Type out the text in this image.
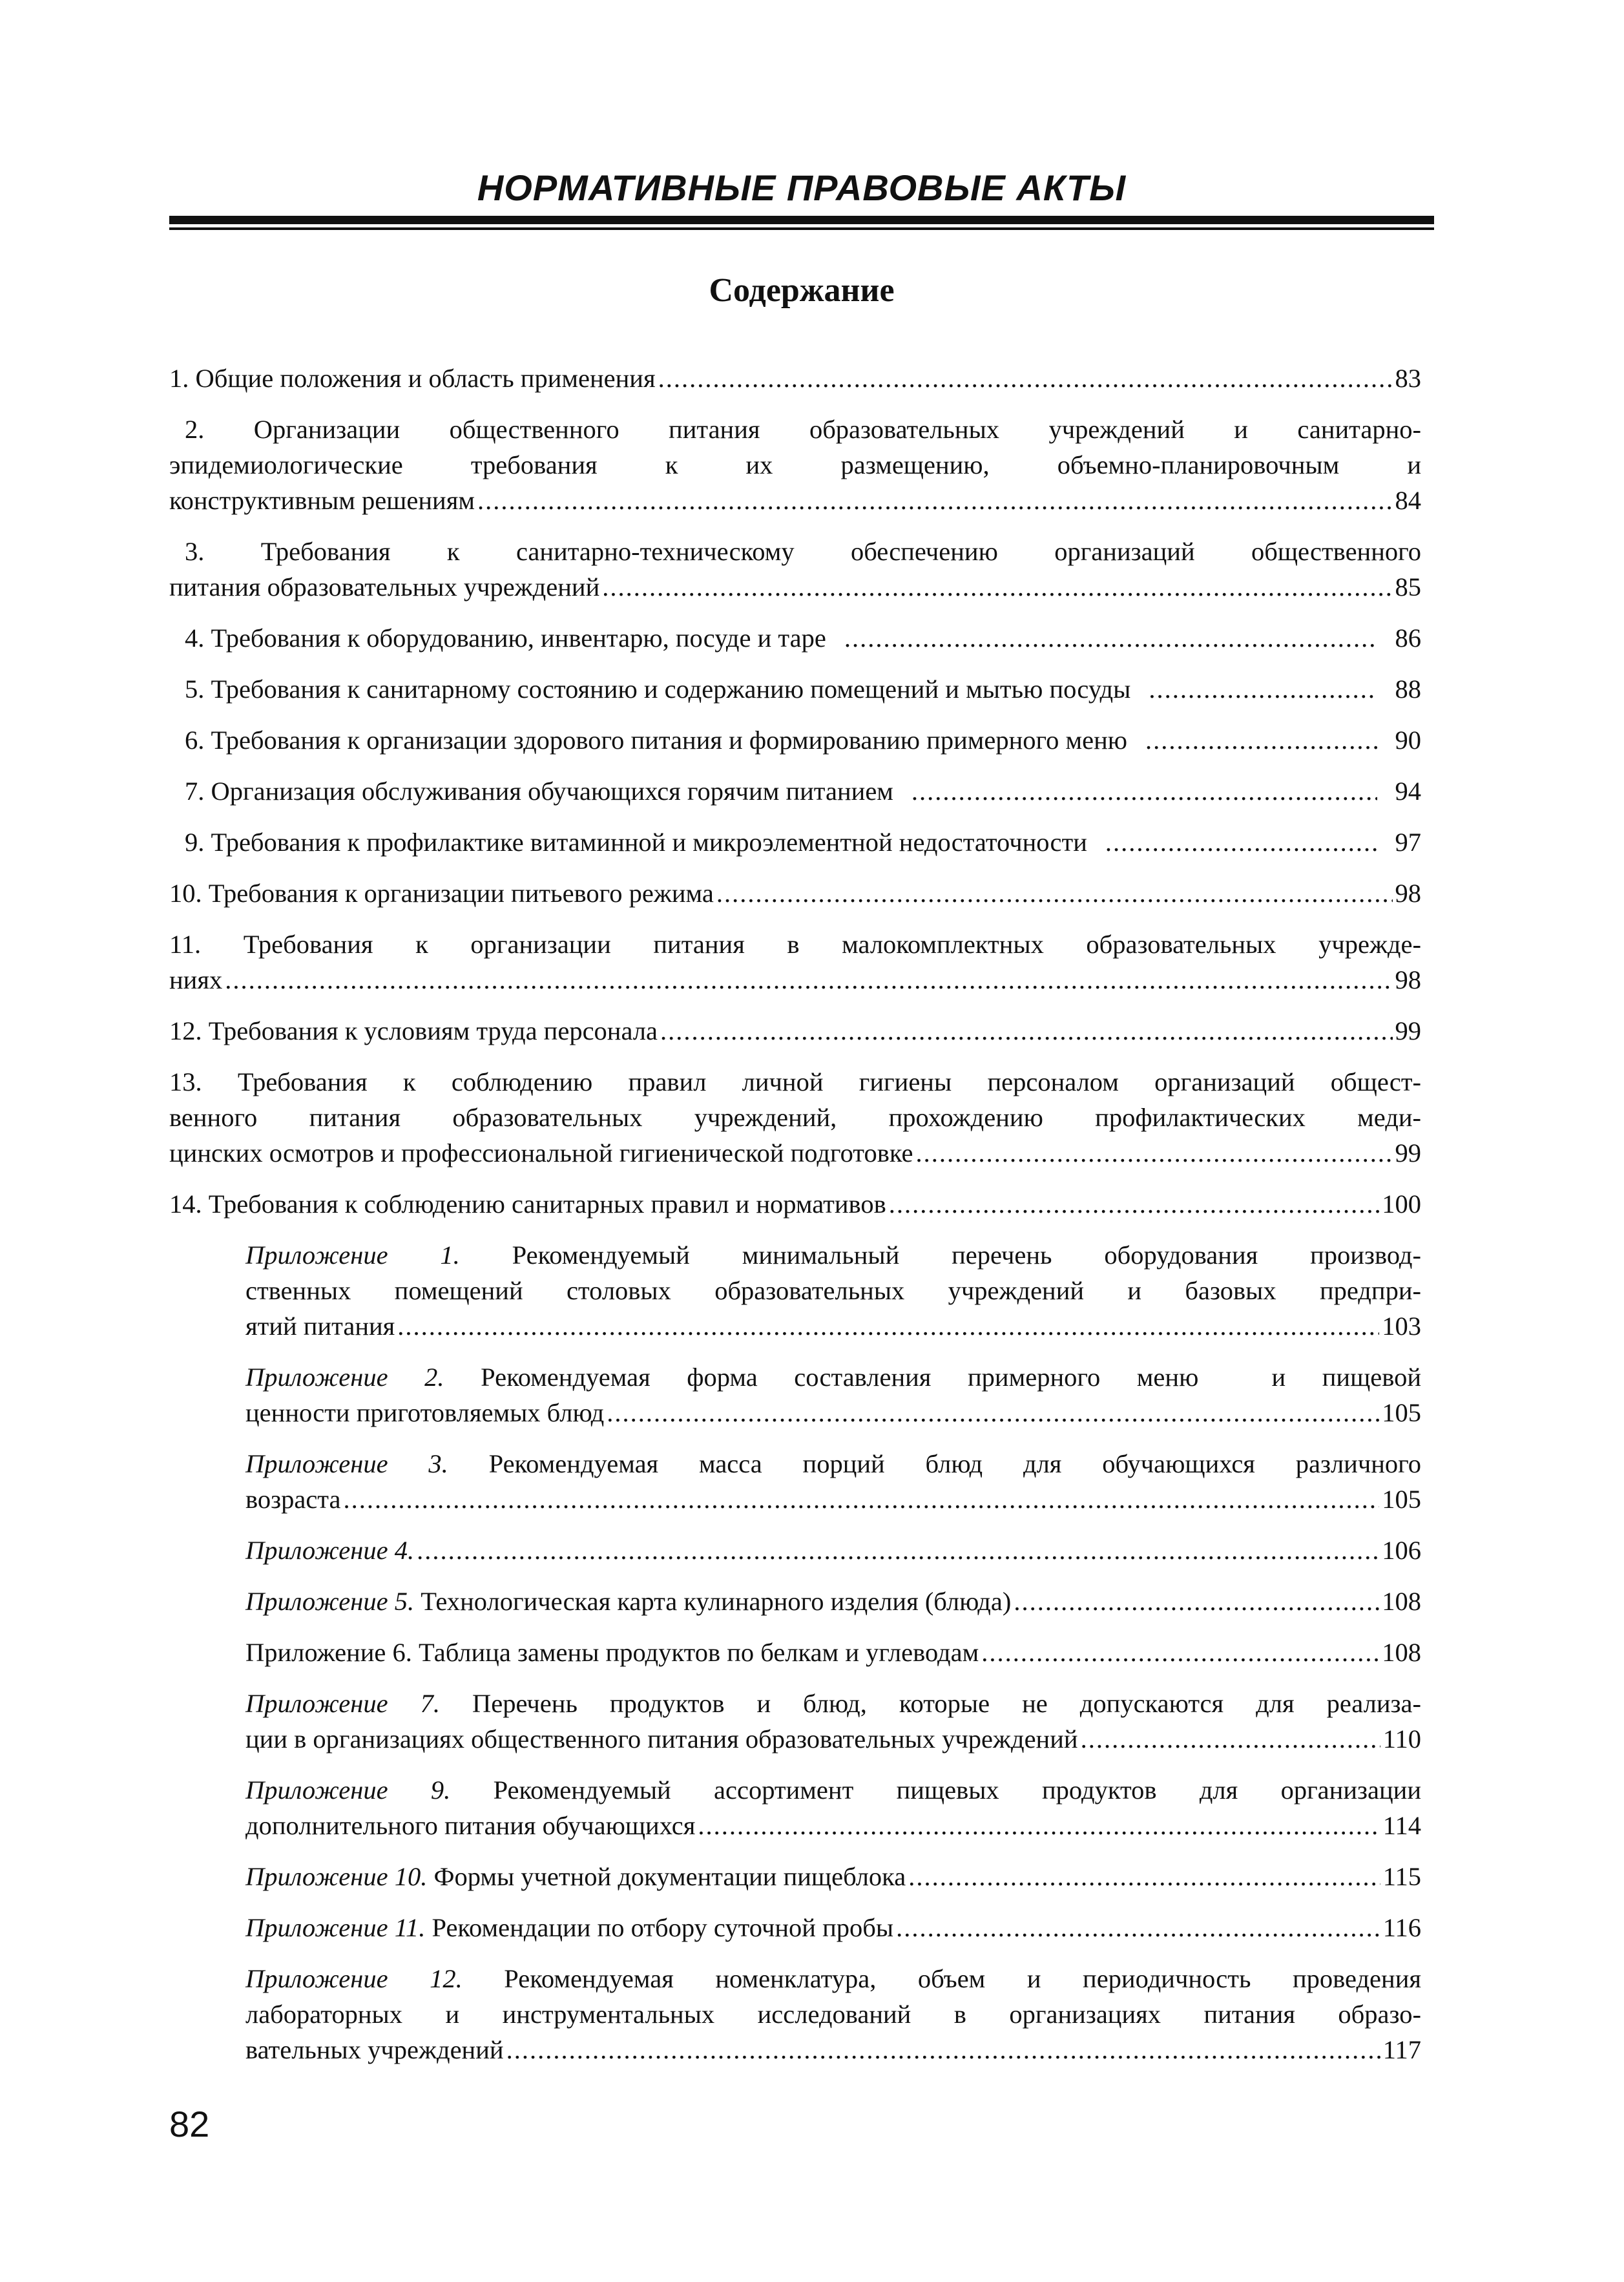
НОРМАТИВНЫЕ ПРАВОВЫЕ АКТЫ
Содержание
1. Общие положения и область применения .....	83
2. Организации общественного питания образовательных учреждений и санитарно-
эпидемиологические требования к их размещению, объемно-планировочным и
конструктивным решениям .....	84
3. Требования к санитарно-техническому обеспечению организаций общественного
питания образовательных учреждений .....	85
4. Требования к оборудованию, инвентарю, посуде и таре .....	86
5. Требования к санитарному состоянию и содержанию помещений и мытью посуды .....	88
6. Требования к организации здорового питания и формированию примерного меню .....	90
7. Организация обслуживания обучающихся горячим питанием .....	94
9. Требования к профилактике витаминной и микроэлементной недостаточности .....	97
10. Требования к организации питьевого режима .....	98
11. Требования к организации питания в малокомплектных образовательных учрежде-
ниях .....	98
12. Требования к условиям труда персонала .....	99
13. Требования к соблюдению правил личной гигиены персоналом организаций общест-
венного питания образовательных учреждений, прохождению профилактических меди-
цинских осмотров и профессиональной гигиенической подготовке .....	99
14. Требования к соблюдению санитарных правил и нормативов .....	100
Приложение 1. Рекомендуемый минимальный перечень оборудования производ-
ственных помещений столовых образовательных учреждений и базовых предпри-
ятий питания .....	103
Приложение 2. Рекомендуемая форма составления примерного меню  и пищевой
ценности приготовляемых блюд .....	105
Приложение 3. Рекомендуемая масса порций блюд для обучающихся различного
возраста .....	105
Приложение 4. .....	106
Приложение 5. Технологическая карта кулинарного изделия (блюда) .....	108
Приложение 6. Таблица замены продуктов по белкам и углеводам .....	108
Приложение 7. Перечень продуктов и блюд, которые не допускаются для реализа-
ции в организациях общественного питания образовательных учреждений .....	110
Приложение 9. Рекомендуемый ассортимент пищевых продуктов для организации
дополнительного питания обучающихся .....	114
Приложение 10. Формы учетной документации пищеблока .....	115
Приложение 11. Рекомендации по отбору суточной пробы .....	116
Приложение 12. Рекомендуемая номенклатура, объем и периодичность проведения
лабораторных и инструментальных исследований в организациях питания образо-
вательных учреждений .....	117
82
